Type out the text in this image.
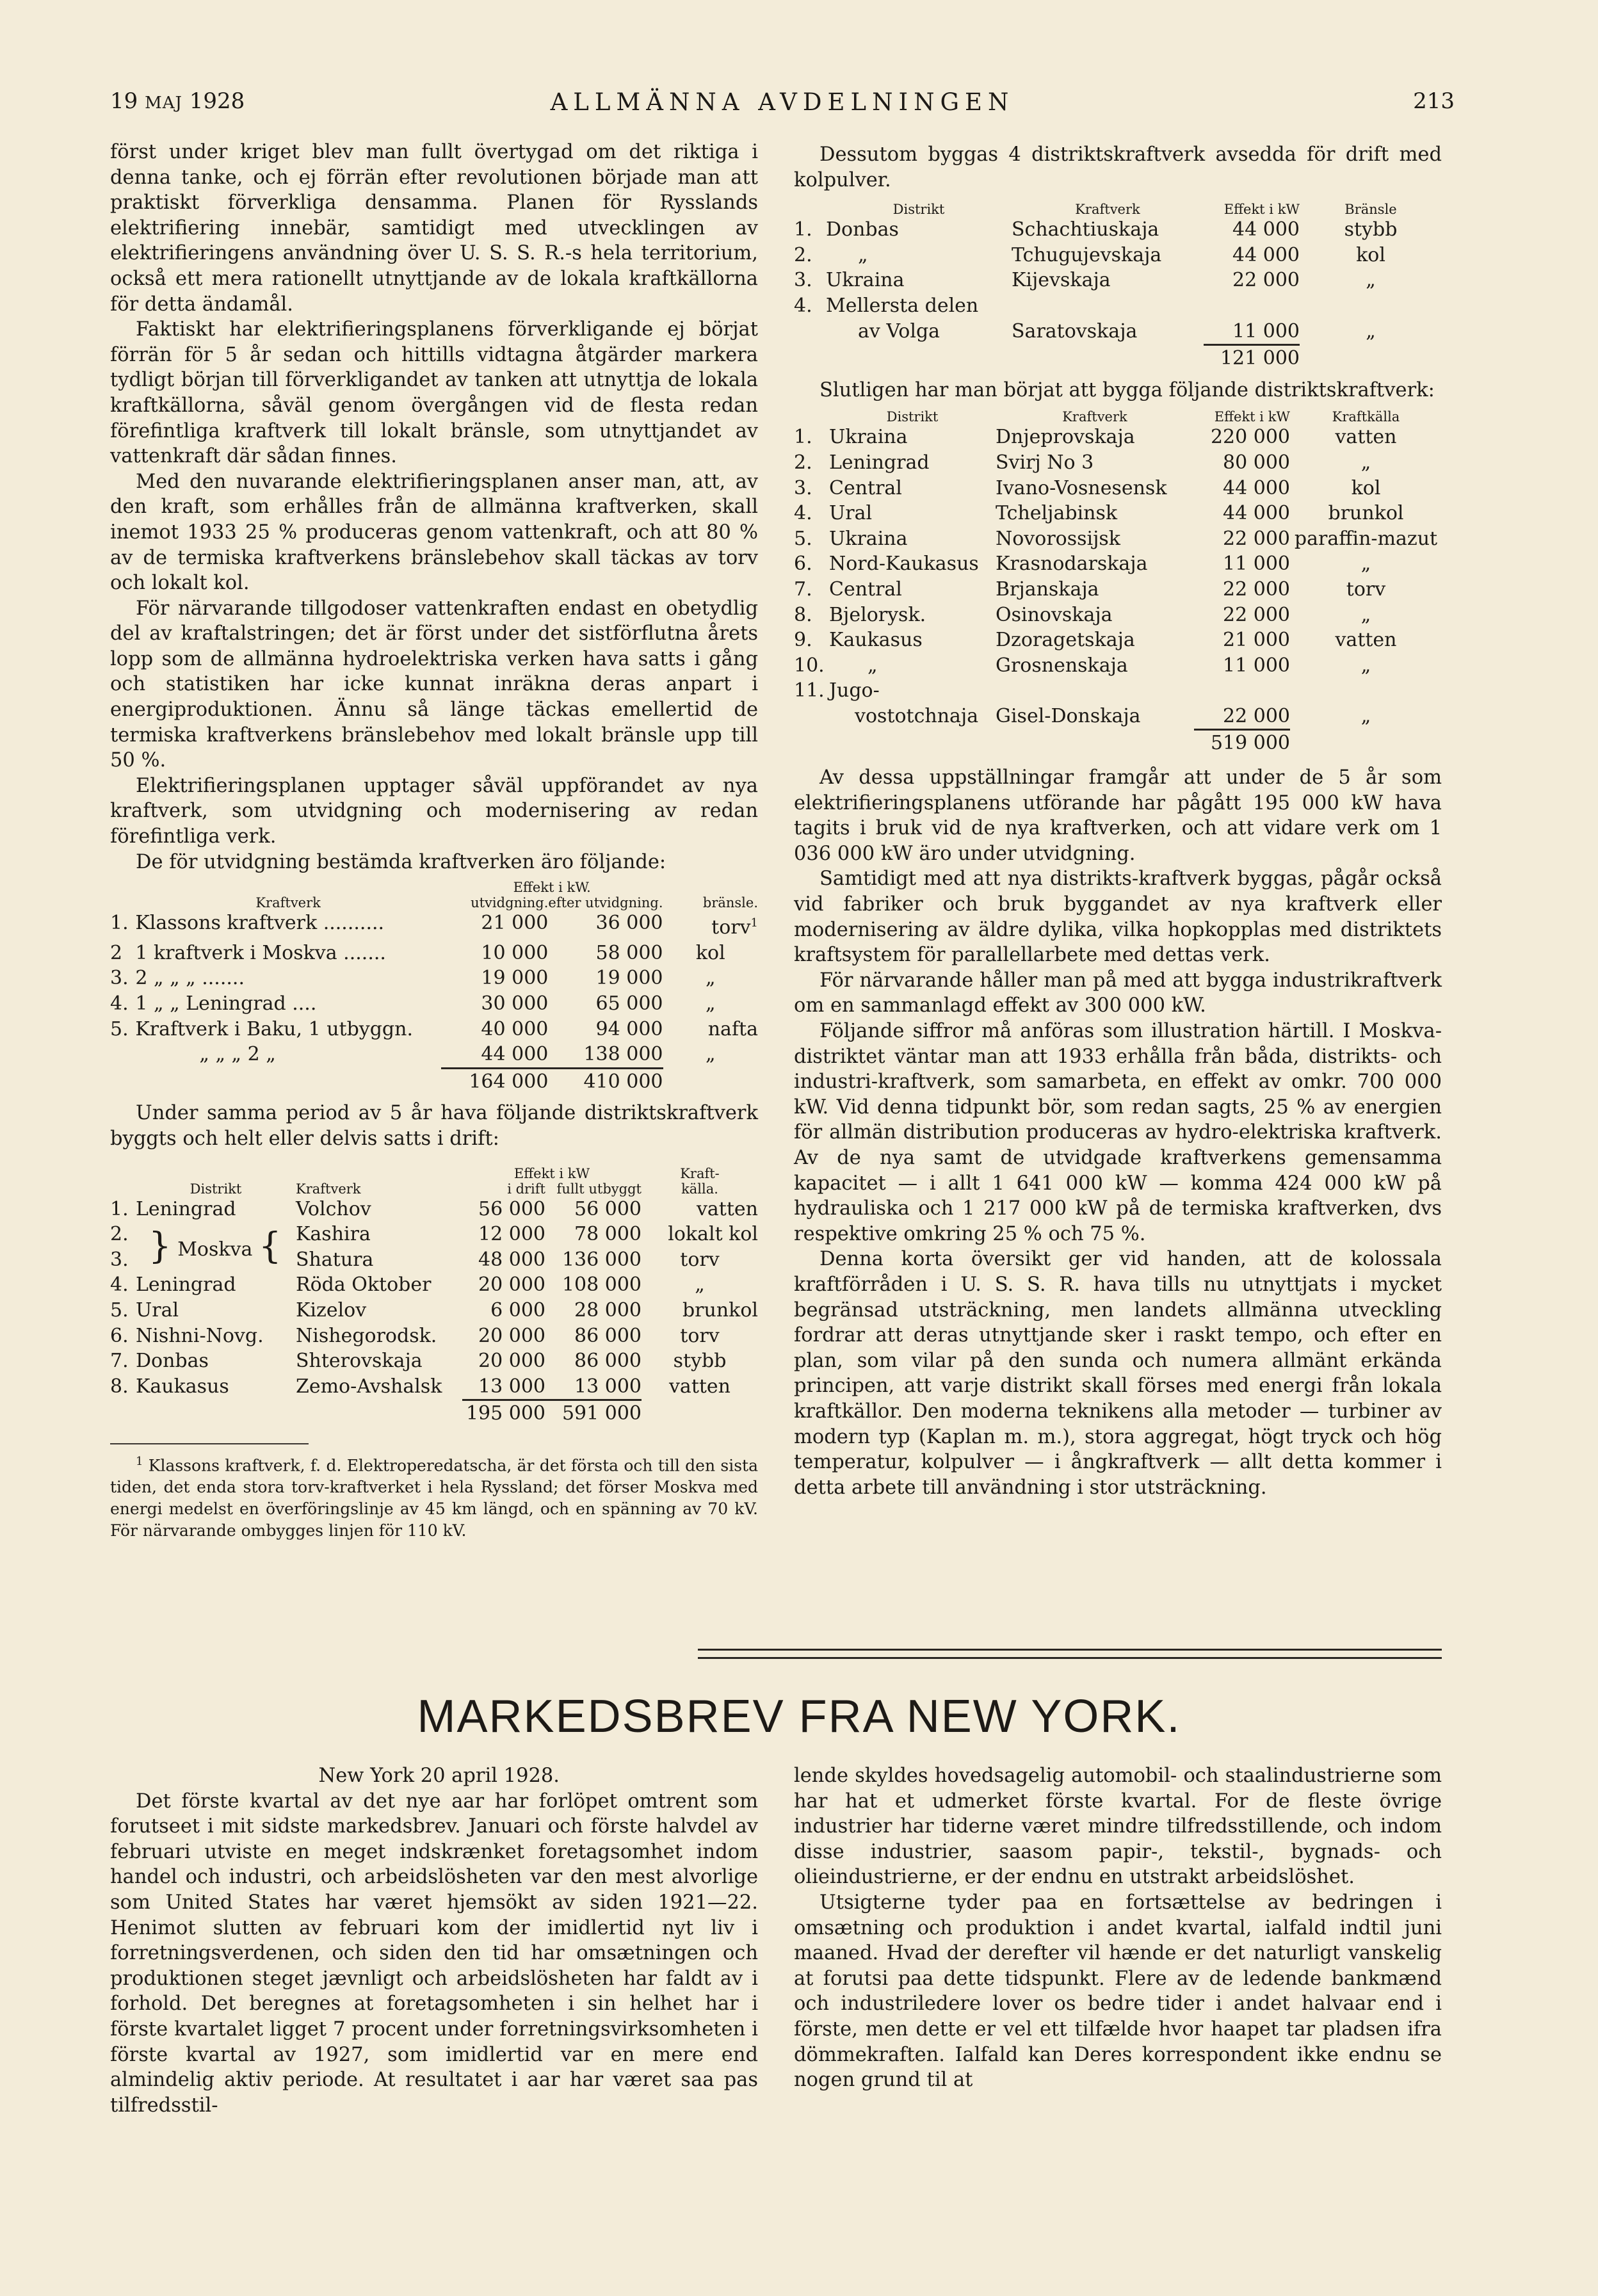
19 MAJ 1928	ALLMÄNNA AVDELNINGEN	213

först under kriget blev man fullt övertygad om det riktiga i denna tanke, och ej förrän efter revolutionen började man att praktiskt förverkliga densamma. Planen för Rysslands elektrifiering innebär, samtidigt med utvecklingen av elektrifieringens användning över U. S. S. R.-s hela territorium, också ett mera rationellt utnyttjande av de lokala kraftkällorna för detta ändamål.

Faktiskt har elektrifieringsplanens förverkligande ej börjat förrän för 5 år sedan och hittills vidtagna åtgärder markera tydligt början till förverkligandet av tanken att utnyttja de lokala kraftkällorna, såväl genom övergången vid de flesta redan förefintliga kraftverk till lokalt bränsle, som utnyttjandet av vattenkraft där sådan finnes.

Med den nuvarande elektrifieringsplanen anser man, att, av den kraft, som erhålles från de allmänna kraftverken, skall inemot 1933 25 % produceras genom vattenkraft, och att 80 % av de termiska kraftverkens bränslebehov skall täckas av torv och lokalt kol.

För närvarande tillgodoser vattenkraften endast en obetydlig del av kraftalstringen; det är först under det sistförflutna årets lopp som de allmänna hydroelektriska verken hava satts i gång och statistiken har icke kunnat inräkna deras anpart i energiproduktionen. Ännu så länge täckas emellertid de termiska kraftverkens bränslebehov med lokalt bränsle upp till 50 %.

Elektrifieringsplanen upptager såväl uppförandet av nya kraftverk, som utvidgning och modernisering av redan förefintliga verk.

De för utvidgning bestämda kraftverken äro följande:

		Effekt i kW.		
	Kraftverk	utvidgning.	efter utvidgning.	bränsle.
1.	Klassons kraftverk ..........	21 000	36 000	torv$^1$
2	1 kraftverk i Moskva .......	10 000	58 000	kol
3.	2 „ „ „ .......	19 000	19 000	„
4.	1 „ „ Leningrad ....	30 000	65 000	„
5.	Kraftverk i Baku, 1 utbyggn.	40 000	94 000	nafta
	„ „ „ 2 „	44 000	138 000	„
		164 000	410 000	

Under samma period av 5 år hava följande distriktskraftverk byggts och helt eller delvis satts i drift:

			Effekt i kW		Kraft-
	Distrikt	Kraftverk	i drift	fullt utbyggt	källa.
1.	Leningrad	Volchov	56 000	56 000	vatten
2.	} Moskva {	Kashira	12 000	78 000	lokalt kol
3.		Shatura	48 000	136 000	torv
4.	Leningrad	Röda Oktober	20 000	108 000	„
5.	Ural	Kizelov	6 000	28 000	brunkol
6.	Nishni-Novg.	Nishegorodsk.	20 000	86 000	torv
7.	Donbas	Shterovskaja	20 000	86 000	stybb
8.	Kaukasus	Zemo-Avshalsk	13 000	13 000	vatten
			195 000	591 000	
$^1$ Klassons kraftverk, f. d. Elektroperedatscha, är det första och till den sista tiden, det enda stora torv-kraftverket i hela Ryssland; det förser Moskva med energi medelst en överföringslinje av 45 km längd, och en spänning av 70 kV. För närvarande ombygges linjen för 110 kV.

Dessutom byggas 4 distriktskraftverk avsedda för drift med kolpulver.

	Distrikt	Kraftverk	Effekt i kW	Bränsle
1.	Donbas	Schachtiuskaja	44 000	stybb
2.	„	Tchugujevskaja	44 000	kol
3.	Ukraina	Kijevskaja	22 000	„
4.	Mellersta delen			
	av Volga	Saratovskaja	11 000	„
			121 000	

Slutligen har man börjat att bygga följande distriktskraftverk:

	Distrikt	Kraftverk	Effekt i kW	Kraftkälla
1.	Ukraina	Dnjeprovskaja	220 000	vatten
2.	Leningrad	Svirj No 3	80 000	„
3.	Central	Ivano-Vosnesensk	44 000	kol
4.	Ural	Tcheljabinsk	44 000	brunkol
5.	Ukraina	Novorossijsk	22 000	paraffin-mazut
6.	Nord-Kaukasus	Krasnodarskaja	11 000	„
7.	Central	Brjanskaja	22 000	torv
8.	Bjelorysk.	Osinovskaja	22 000	„
9.	Kaukasus	Dzoragetskaja	21 000	vatten
10.	„	Grosnenskaja	11 000	„
11.	Jugo-			
	vostotchnaja	Gisel-Donskaja	22 000	„
			519 000	

Av dessa uppställningar framgår att under de 5 år som elektrifieringsplanens utförande har pågått 195 000 kW hava tagits i bruk vid de nya kraftverken, och att vidare verk om 1 036 000 kW äro under utvidgning.

Samtidigt med att nya distrikts-kraftverk byggas, pågår också vid fabriker och bruk byggandet av nya kraftverk eller modernisering av äldre dylika, vilka hopkopplas med distriktets kraftsystem för parallellarbete med dettas verk.

För närvarande håller man på med att bygga industrikraftverk om en sammanlagd effekt av 300 000 kW.

Följande siffror må anföras som illustration härtill. I Moskva-distriktet väntar man att 1933 erhålla från båda, distrikts- och industri-kraftverk, som samarbeta, en effekt av omkr. 700 000 kW. Vid denna tidpunkt bör, som redan sagts, 25 % av energien för allmän distribution produceras av hydro-elektriska kraftverk. Av de nya samt de utvidgade kraftverkens gemensamma kapacitet — i allt 1 641 000 kW — komma 424 000 kW på hydrauliska och 1 217 000 kW på de termiska kraftverken, dvs respektive omkring 25 % och 75 %.

Denna korta översikt ger vid handen, att de kolossala kraftförråden i U. S. S. R. hava tills nu utnyttjats i mycket begränsad utsträckning, men landets allmänna utveckling fordrar att deras utnyttjande sker i raskt tempo, och efter en plan, som vilar på den sunda och numera allmänt erkända principen, att varje distrikt skall förses med energi från lokala kraftkällor. Den moderna teknikens alla metoder — turbiner av modern typ (Kaplan m. m.), stora aggregat, högt tryck och hög temperatur, kolpulver — i ångkraftverk — allt detta kommer i detta arbete till användning i stor utsträckning.

MARKEDSBREV FRA NEW YORK.
New York 20 april 1928.

Det förste kvartal av det nye aar har forlöpet omtrent som forutseet i mit sidste markedsbrev. Januari och förste halvdel av februari utviste en meget indskrænket foretagsomhet indom handel och industri, och arbeidslösheten var den mest alvorlige som United States har været hjemsökt av siden 1921—22. Henimot slutten av februari kom der imidlertid nyt liv i forretningsverdenen, och siden den tid har omsætningen och produktionen steget jævnligt och arbeidslösheten har faldt av i forhold. Det beregnes at foretagsomheten i sin helhet har i förste kvartalet ligget 7 procent under forretningsvirksomheten i förste kvartal av 1927, som imidlertid var en mere end almindelig aktiv periode. At resultatet i aar har været saa pas tilfredsstil-

lende skyldes hovedsagelig automobil- och staalindustrierne som har hat et udmerket förste kvartal. For de fleste övrige industrier har tiderne været mindre tilfredsstillende, och indom disse industrier, saasom papir-, tekstil-, bygnads- och olieindustrierne, er der endnu en utstrakt arbeidslöshet.

Utsigterne tyder paa en fortsættelse av bedringen i omsætning och produktion i andet kvartal, ialfald indtil juni maaned. Hvad der derefter vil hænde er det naturligt vanskelig at forutsi paa dette tidspunkt. Flere av de ledende bankmænd och industriledere lover os bedre tider i andet halvaar end i förste, men dette er vel ett tilfælde hvor haapet tar pladsen ifra dömmekraften. Ialfald kan Deres korrespondent ikke endnu se nogen grund til at
